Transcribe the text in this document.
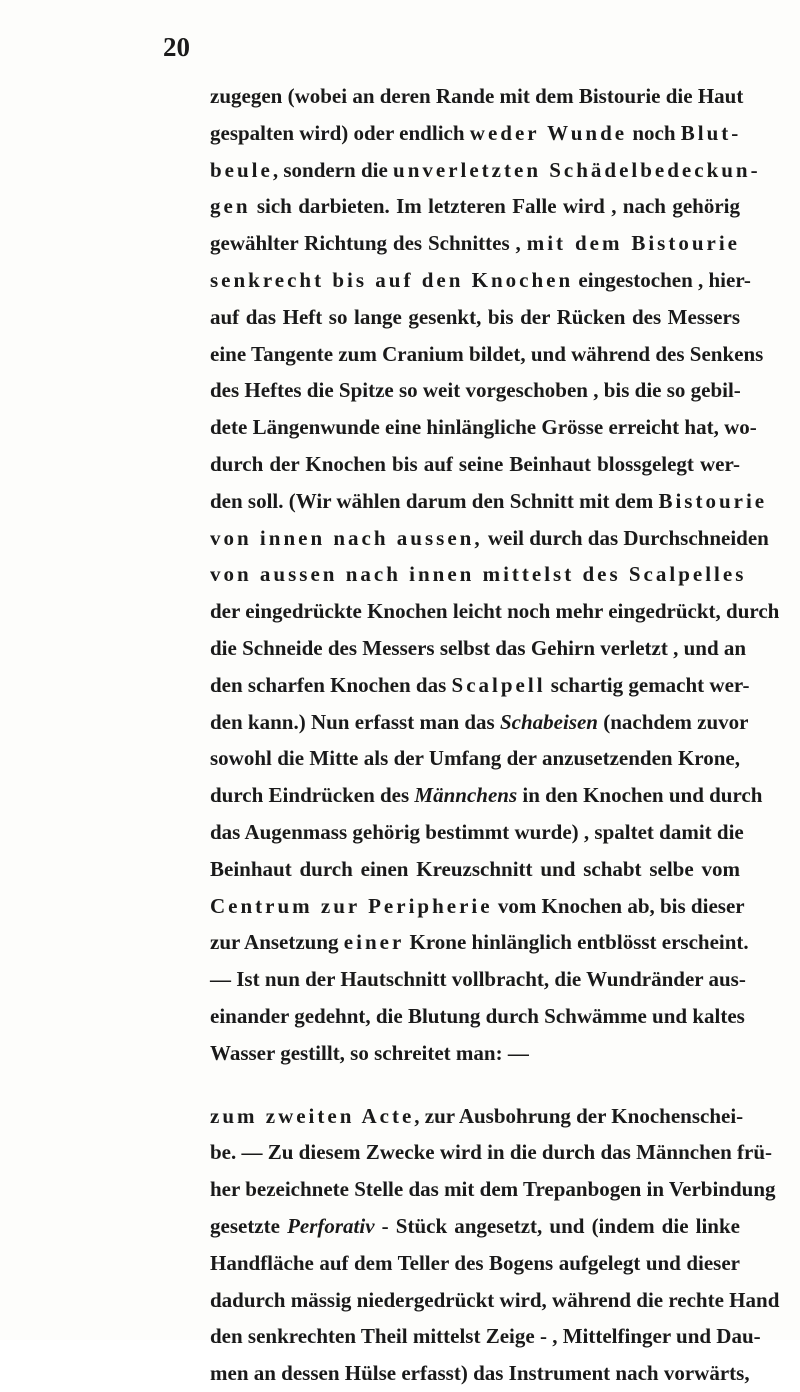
20
zugegen (wobei an deren Rande mit dem Bistourie die Haut
gespalten wird) oder endlich weder Wunde noch Blut-
beule, sondern die unverletzten Schädelbedeckun-
gen sich darbieten. Im letzteren Falle wird , nach gehörig
gewählter Richtung des Schnittes , mit dem Bistourie
senkrecht bis auf den Knochen eingestochen , hier-
auf das Heft so lange gesenkt, bis der Rücken des Messers
eine Tangente zum Cranium bildet, und während des Senkens
des Heftes die Spitze so weit vorgeschoben , bis die so gebil-
dete Längenwunde eine hinlängliche Grösse erreicht hat, wo-
durch der Knochen bis auf seine Beinhaut blossgelegt wer-
den soll. (Wir wählen darum den Schnitt mit dem Bistourie
von innen nach aussen, weil durch das Durchschneiden
von aussen nach innen mittelst des Scalpelles
der eingedrückte Knochen leicht noch mehr eingedrückt, durch
die Schneide des Messers selbst das Gehirn verletzt , und an
den scharfen Knochen das Scalpell schartig gemacht wer-
den kann.) Nun erfasst man das Schabeisen (nachdem zuvor
sowohl die Mitte als der Umfang der anzusetzenden Krone,
durch Eindrücken des Männchens in den Knochen und durch
das Augenmass gehörig bestimmt wurde) , spaltet damit die
Beinhaut durch einen Kreuzschnitt und schabt selbe vom
Centrum zur Peripherie vom Knochen ab, bis dieser
zur Ansetzung einer Krone hinlänglich entblösst erscheint.
— Ist nun der Hautschnitt vollbracht, die Wundränder aus-
einander gedehnt, die Blutung durch Schwämme und kaltes
Wasser gestillt, so schreitet man: —
zum zweiten Acte, zur Ausbohrung der Knochenschei-
be. — Zu diesem Zwecke wird in die durch das Männchen frü-
her bezeichnete Stelle das mit dem Trepanbogen in Verbindung
gesetzte Perforativ - Stück angesetzt, und (indem die linke
Handfläche auf dem Teller des Bogens aufgelegt und dieser
dadurch mässig niedergedrückt wird, während die rechte Hand
den senkrechten Theil mittelst Zeige - , Mittelfinger und Dau-
men an dessen Hülse erfasst) das Instrument nach vorwärts,
